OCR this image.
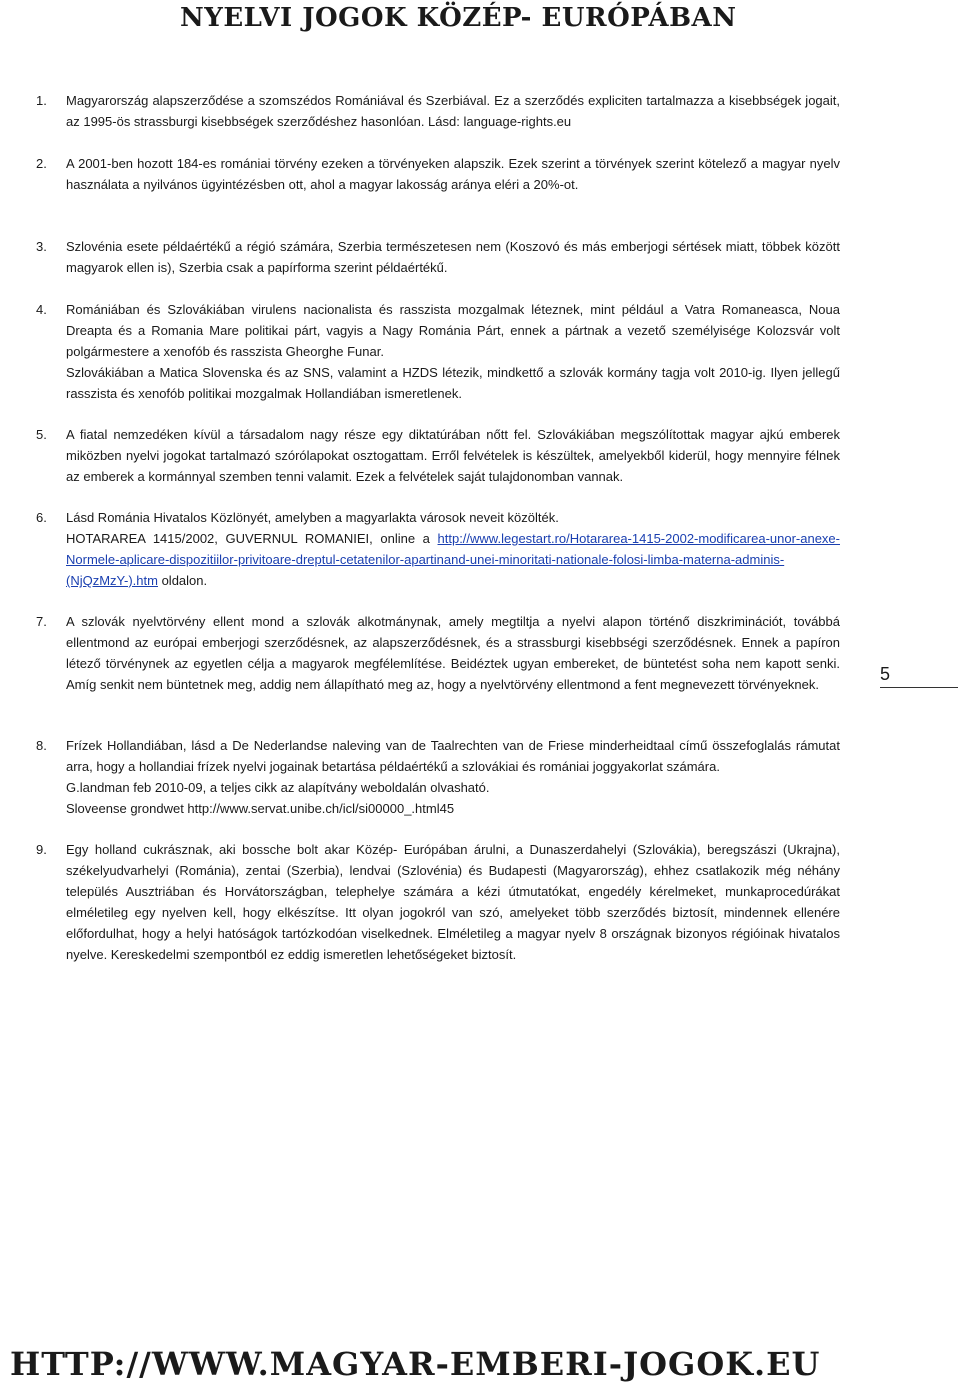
NYELVI JOGOK KÖZÉP- EURÓPÁBAN
1. Magyarország alapszerződése a szomszédos Romániával és Szerbiával. Ez a szerződés expliciten tartalmazza a kisebbségek jogait, az 1995-ös strassburgi kisebbségek szerződéshez hasonlóan. Lásd: language-rights.eu

2. A 2001-ben hozott 184-es romániai törvény ezeken a törvényeken alapszik. Ezek szerint a törvények szerint kötelező a magyar nyelv használata a nyilvános ügyintézésben ott, ahol a magyar lakosság aránya eléri a 20%-ot.

3. Szlovénia esete példaértékű a régió számára, Szerbia természetesen nem (Koszovó és más emberjogi sértések miatt, többek között magyarok ellen is), Szerbia csak a papírforma szerint példaértékű.

4. Romániában és Szlovákiában virulens nacionalista és rasszista mozgalmak léteznek, mint például a Vatra Romaneasca, Noua Dreapta és a Romania Mare politikai párt, vagyis a Nagy Románia Párt, ennek a pártnak a vezető személyisége Kolozsvár volt polgármestere a xenofób és rasszista Gheorghe Funar.

Szlovákiában a Matica Slovenska és az SNS, valamint a HZDS létezik, mindkettő a szlovák kormány tagja volt 2010-ig. Ilyen jellegű rasszista és xenofób politikai mozgalmak Hollandiában ismeretlenek.

5. A fiatal nemzedéken kívül a társadalom nagy része egy diktatúrában nőtt fel. Szlovákiában megszólítottak magyar ajkú emberek miközben nyelvi jogokat tartalmazó szórólapokat osztogattam. Erről felvételek is készültek, amelyekből kiderül, hogy mennyire félnek az emberek a kormánnyal szemben tenni valamit. Ezek a felvételek saját tulajdonomban vannak.

6. Lásd Románia Hivatalos Közlönyét, amelyben a magyarlakta városok neveit közölték.

HOTARAREA 1415/2002, GUVERNUL ROMANIEI, online a http://www.legestart.ro/Hotararea-1415-2002-modificarea-unor-anexe-Normele-aplicare-dispozitiilor-privitoare-dreptul-cetatenilor-apartinand-unei-minoritati-nationale-folosi-limba-materna-adminis-(NjQzMzY-).htm oldalon.

7. A szlovák nyelvtörvény ellent mond a szlovák alkotmánynak, amely megtiltja a nyelvi alapon történő diszkriminációt, továbbá ellentmond az európai emberjogi szerződésnek, az alapszerződésnek, és a strassburgi kisebbségi szerződésnek. Ennek a papíron létező törvénynek az egyetlen célja a magyarok megfélemlítése. Beidéztek ugyan embereket, de büntetést soha nem kapott senki. Amíg senkit nem büntetnek meg, addig nem állapítható meg az, hogy a nyelvtörvény ellentmond a fent megnevezett törvényeknek.

8. Frízek Hollandiában, lásd a De Nederlandse naleving van de Taalrechten van de Friese minderheidtaal című összefoglalás rámutat arra, hogy a hollandiai frízek nyelvi jogainak betartása példaértékű a szlovákiai és romániai joggyakorlat számára.

G.landman feb 2010-09, a teljes cikk az alapítvány weboldalán olvasható.

Sloveense grondwet http://www.servat.unibe.ch/icl/si00000_.html45

9. Egy holland cukrásznak, aki bossche bolt akar Közép- Európában árulni, a Dunaszerdahelyi (Szlovákia), beregszászi (Ukrajna), székelyudvarhelyi (Románia), zentai (Szerbia), lendvai (Szlovénia) és Budapesti (Magyarország), ehhez csatlakozik még néhány település Ausztriában és Horvátországban, telephelye számára a kézi útmutatókat, engedély kérelmeket, munkaprocedúrákat elméletileg egy nyelven kell, hogy elkészítse. Itt olyan jogokról van szó, amelyeket több szerződés biztosít, mindennek ellenére előfordulhat, hogy a helyi hatóságok tartózkodóan viselkednek. Elméletileg a magyar nyelv 8 országnak bizonyos régióinak hivatalos nyelve. Kereskedelmi szempontból ez eddig ismeretlen lehetőségeket biztosít.

5
HTTP://WWW.MAGYAR-EMBERI-JOGOK.EU
